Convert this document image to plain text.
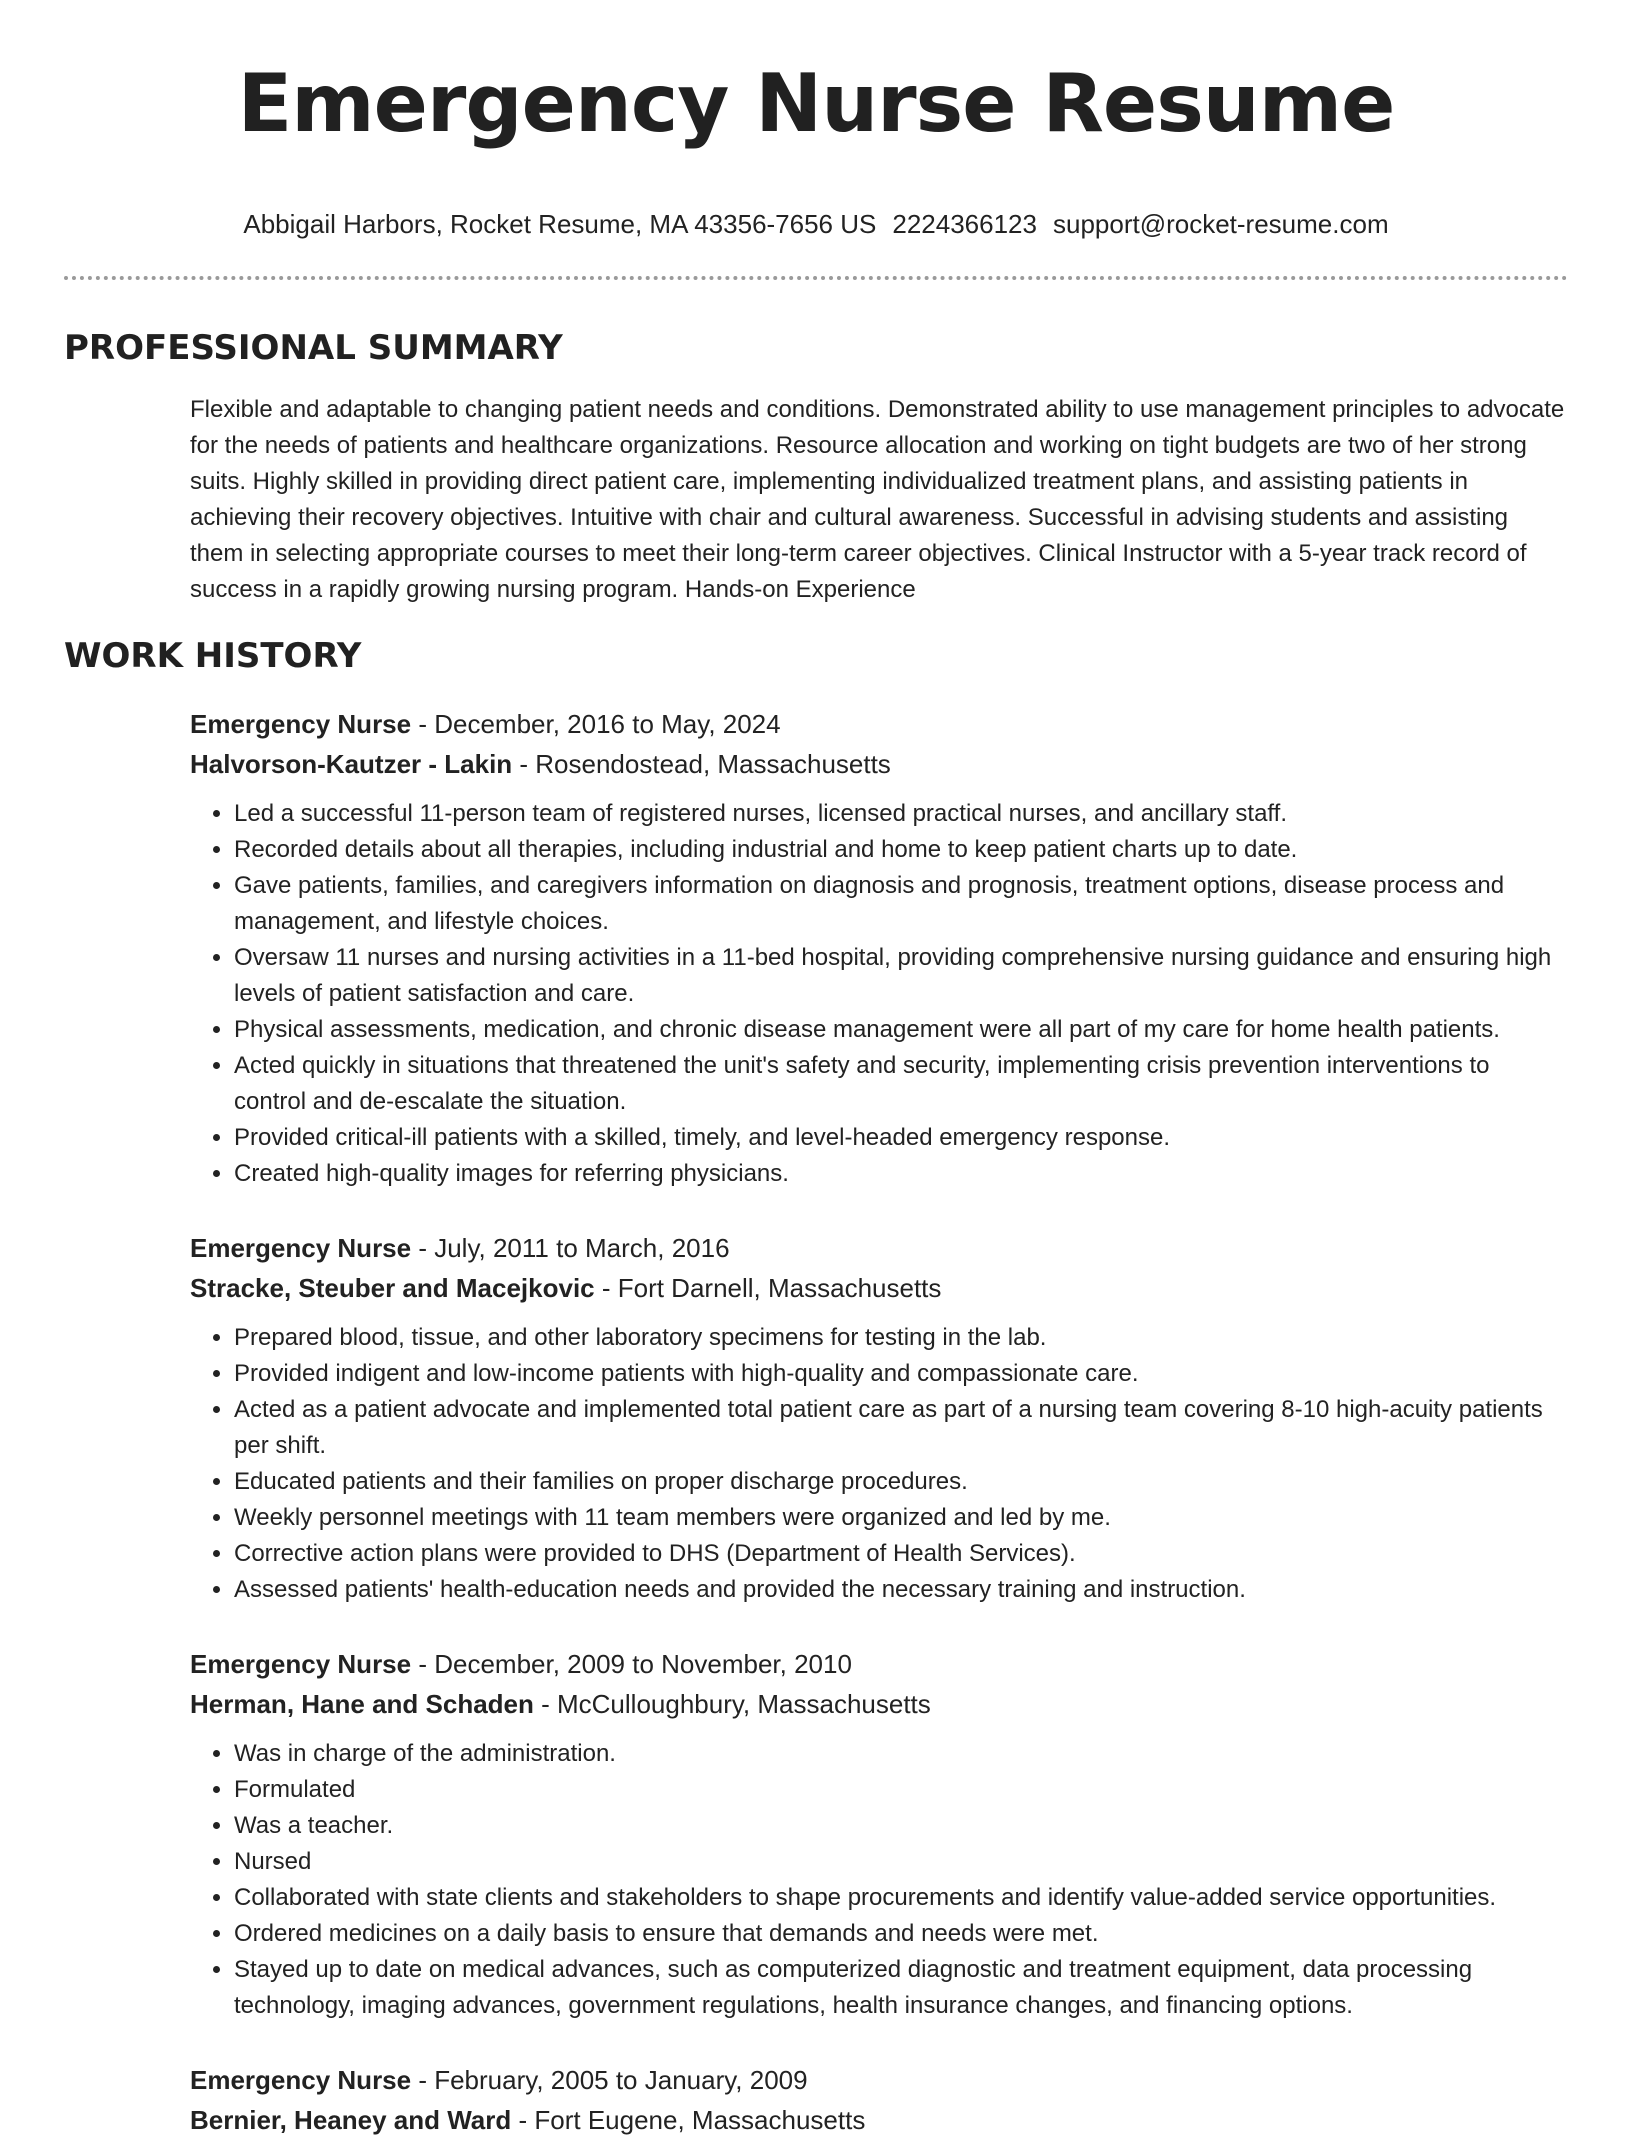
Emergency Nurse Resume
Abbigail Harbors, Rocket Resume, MA 43356-7656 US 2224366123 support@rocket-resume.com
PROFESSIONAL SUMMARY

Flexible and adaptable to changing patient needs and conditions. Demonstrated ability to use management principles to advocate for the needs of patients and healthcare organizations. Resource allocation and working on tight budgets are two of her strong suits. Highly skilled in providing direct patient care, implementing individualized treatment plans, and assisting patients in achieving their recovery objectives. Intuitive with chair and cultural awareness. Successful in advising students and assisting them in selecting appropriate courses to meet their long-term career objectives. Clinical Instructor with a 5-year track record of success in a rapidly growing nursing program. Hands-on Experience

WORK HISTORY
Emergency Nurse - December, 2016 to May, 2024
Halvorson-Kautzer - Lakin - Rosendostead, Massachusetts
• Led a successful 11-person team of registered nurses, licensed practical nurses, and ancillary staff.
• Recorded details about all therapies, including industrial and home to keep patient charts up to date.
• Gave patients, families, and caregivers information on diagnosis and prognosis, treatment options, disease process and management, and lifestyle choices.
• Oversaw 11 nurses and nursing activities in a 11-bed hospital, providing comprehensive nursing guidance and ensuring high levels of patient satisfaction and care.
• Physical assessments, medication, and chronic disease management were all part of my care for home health patients.
• Acted quickly in situations that threatened the unit's safety and security, implementing crisis prevention interventions to control and de-escalate the situation.
• Provided critical-ill patients with a skilled, timely, and level-headed emergency response.
• Created high-quality images for referring physicians.
Emergency Nurse - July, 2011 to March, 2016
Stracke, Steuber and Macejkovic - Fort Darnell, Massachusetts
• Prepared blood, tissue, and other laboratory specimens for testing in the lab.
• Provided indigent and low-income patients with high-quality and compassionate care.
• Acted as a patient advocate and implemented total patient care as part of a nursing team covering 8-10 high-acuity patients per shift.
• Educated patients and their families on proper discharge procedures.
• Weekly personnel meetings with 11 team members were organized and led by me.
• Corrective action plans were provided to DHS (Department of Health Services).
• Assessed patients' health-education needs and provided the necessary training and instruction.
Emergency Nurse - December, 2009 to November, 2010
Herman, Hane and Schaden - McCulloughbury, Massachusetts
• Was in charge of the administration.
• Formulated
• Was a teacher.
• Nursed
• Collaborated with state clients and stakeholders to shape procurements and identify value-added service opportunities.
• Ordered medicines on a daily basis to ensure that demands and needs were met.
• Stayed up to date on medical advances, such as computerized diagnostic and treatment equipment, data processing technology, imaging advances, government regulations, health insurance changes, and financing options.
Emergency Nurse - February, 2005 to January, 2009
Bernier, Heaney and Ward - Fort Eugene, Massachusetts
